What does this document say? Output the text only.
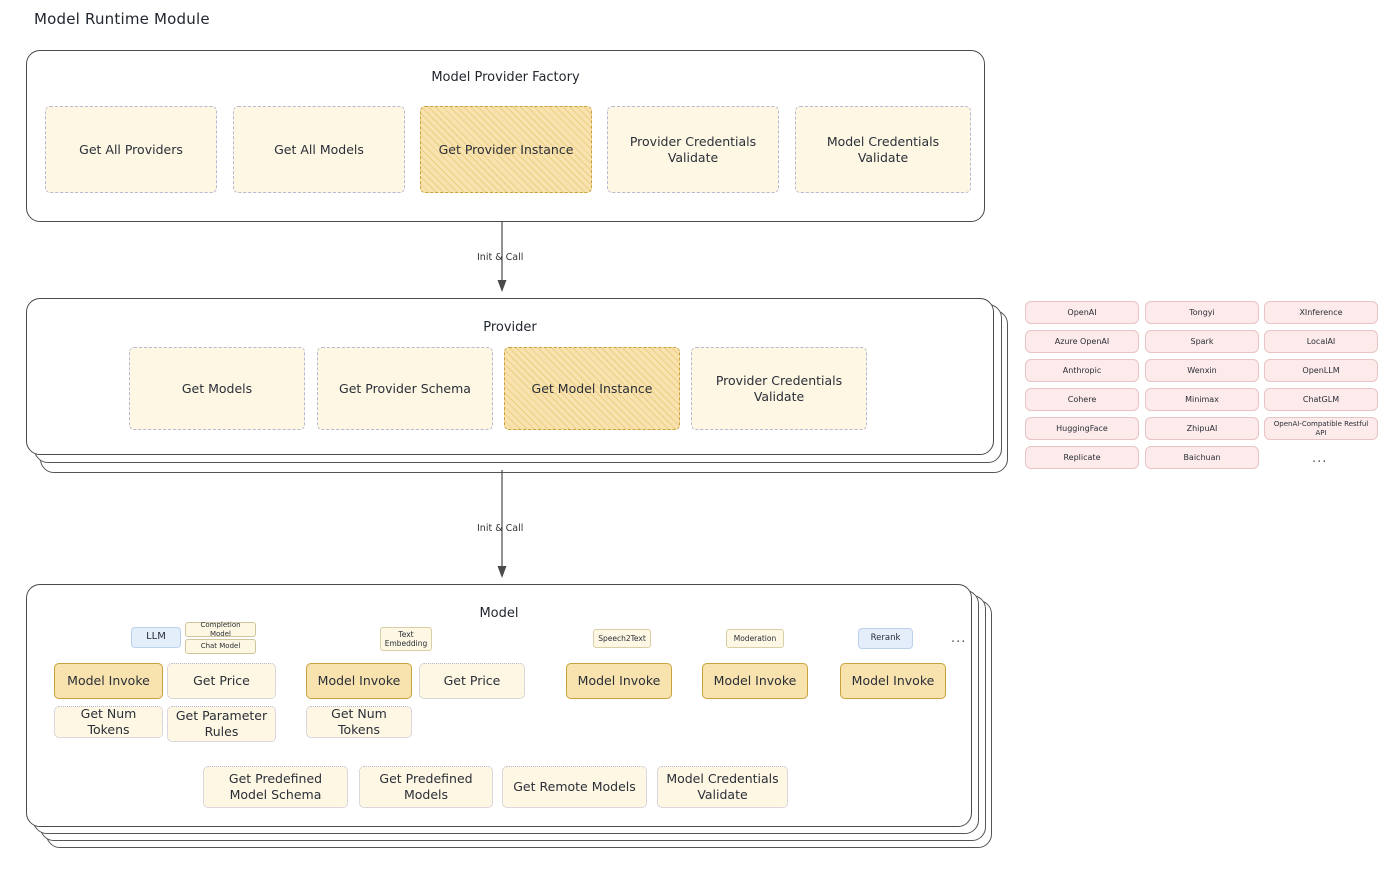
Model Runtime Module
Model Provider Factory
Get All Providers	Get All Models	Get Provider Instance
Provider Credentials Validate
Model Credentials Validate
Init & Call
Provider
Get Models	Get Provider Schema	Get Model Instance
Provider Credentials Validate
OpenAI
Azure OpenAI
Anthropic
Cohere
HuggingFace
Replicate
Tongyi
Spark
Wenxin
Minimax
ZhipuAI
Baichuan
XInference
LocalAI
OpenLLM
ChatGLM
OpenAI-Compatible Restful API
...
Init & Call
Model
LLM
Completion Model
Chat Model
Text Embedding
Speech2Text	Moderation	Rerank	...
Model Invoke
Get Num Tokens
Get Price
Get Parameter Rules
Model Invoke
Get Num Tokens
Get Price	Model Invoke	Model Invoke	Model Invoke
Get Predefined Model Schema
Get Predefined Models
Get Remote Models
Model Credentials Validate
